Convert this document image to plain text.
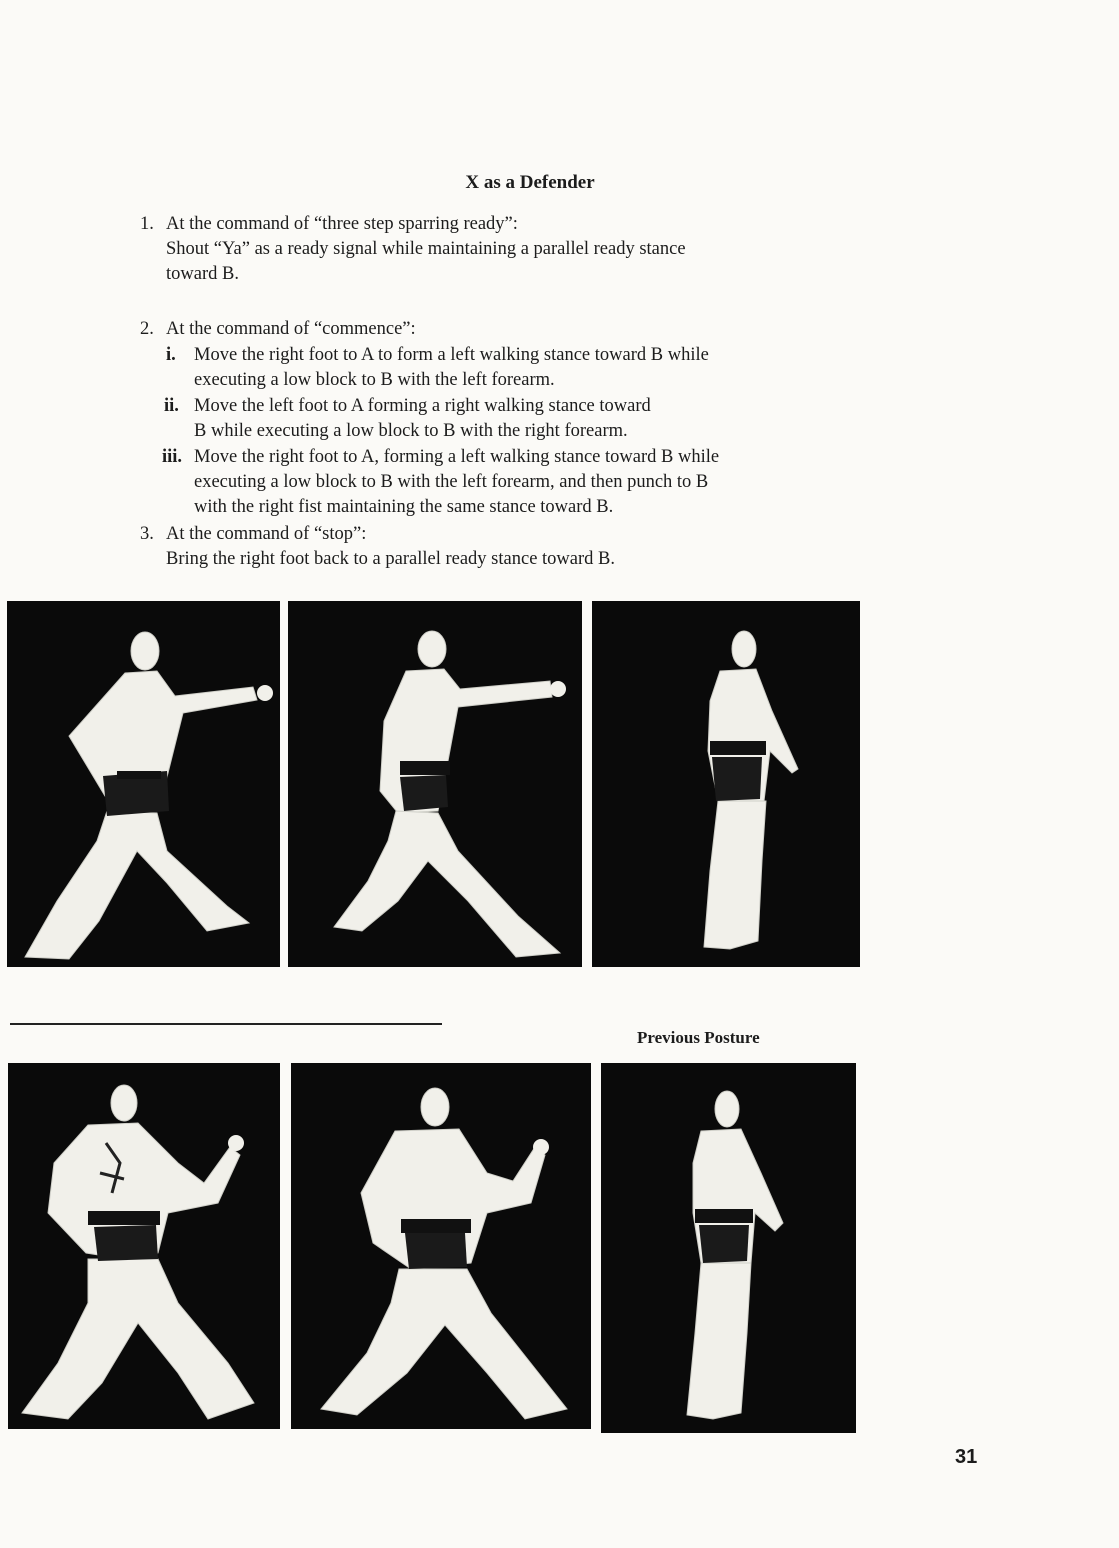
X as a Defender
1. At the command of “three step sparring ready”:
Shout “Ya” as a ready signal while maintaining a parallel ready stance
toward B.
2. At the command of “commence”:
i. Move the right foot to A to form a left walking stance toward B while
executing a low block to B with the left forearm.
ii. Move the left foot to A forming a right walking stance toward
B while executing a low block to B with the right forearm.
iii. Move the right foot to A, forming a left walking stance toward B while
executing a low block to B with the left forearm, and then punch to B
with the right fist maintaining the same stance toward B.
3. At the command of “stop”:
Bring the right foot back to a parallel ready stance toward B.
Previous Posture
31
